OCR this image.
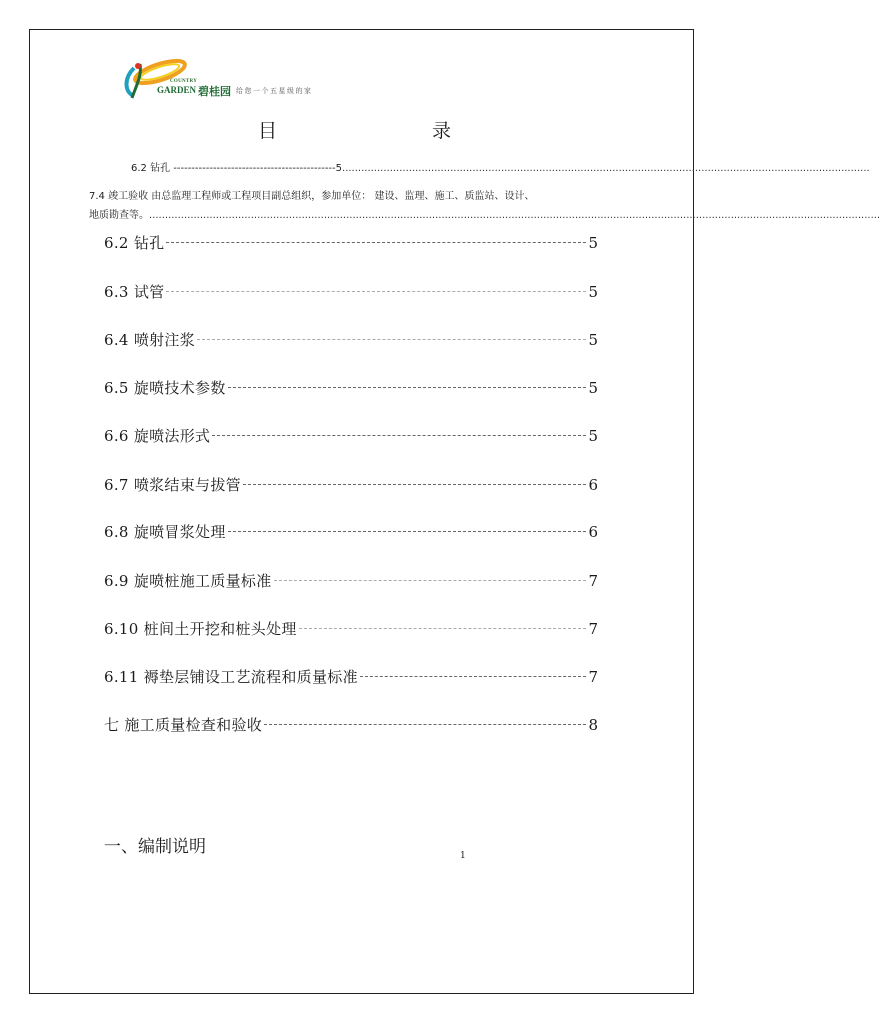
COUNTRY
GARDEN 碧桂园 给您一个五星级的家
目	录
6.2 钻孔 ---------------------------------------------5......................................................................................................................................................................
7.4 竣工验收 由总监理工程师或工程项目副总组织，参加单位： 建设、监理、施工、质监站、设计、
地质勘查等。......................................................................................................................................................................................................................................
6.2 钻孔	5
6.3 试管	5
6.4 喷射注浆	5
6.5 旋喷技术参数	5
6.6 旋喷法形式	5
6.7 喷浆结束与拔管	6
6.8 旋喷冒浆处理	6
6.9 旋喷桩施工质量标准	7
6.10 桩间土开挖和桩头处理	7
6.11 褥垫层铺设工艺流程和质量标准	7
七 施工质量检查和验收	8
一、编制说明	1
